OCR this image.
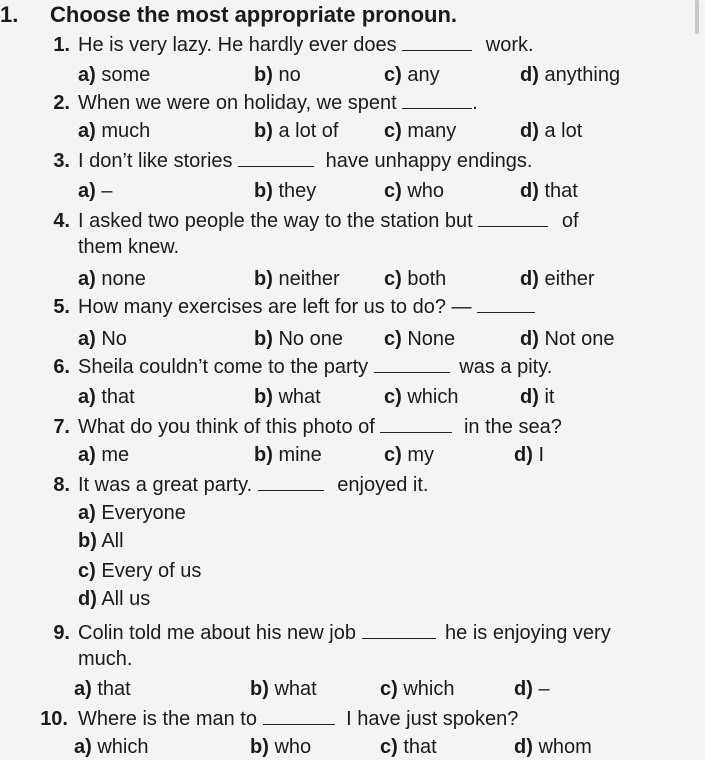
1. Choose the most appropriate pronoun.
1. He is very lazy. He hardly ever does	work.
a) some	b) no	c) any	d) anything
2. When we were on holiday, we spent	.
a) much	b) a lot of c) many	d) a lot
3. I don’t like stories	have unhappy endings.
a) –	b) they	c) who	d) that
4. I asked two people the way to the station but	of
them knew.
a) none	b) neither c) both	d) either
5. How many exercises are left for us to do? —
a) No	b) No one c) None	d) Not one
6. Sheila couldn’t come to the party	was a pity.
a) that	b) what	c) which	d) it
7. What do you think of this photo of	in the sea?
a) me	b) mine	c) my	d) I
8. It was a great party.	enjoyed it.
a) Everyone
b) All
c) Every of us
d) All us
9. Colin told me about his new job	he is enjoying very
much.
a) that	b) what	c) which	d) –
10. Where is the man to	I have just spoken?
a) which	b) who	c) that	d) whom
